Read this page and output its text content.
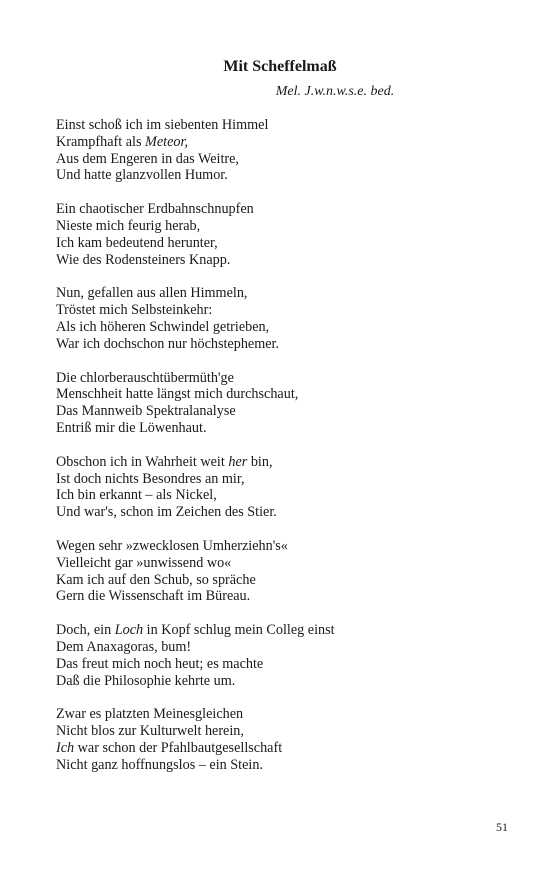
Mit Scheffelmaß
Mel. J.w.n.w.s.e. bed.
Einst schoß ich im siebenten Himmel
Krampfhaft als Meteor,
Aus dem Engeren in das Weitre,
Und hatte glanzvollen Humor.
Ein chaotischer Erdbahnschnupfen
Nieste mich feurig herab,
Ich kam bedeutend herunter,
Wie des Rodensteiners Knapp.
Nun, gefallen aus allen Himmeln,
Tröstet mich Selbsteinkehr:
Als ich höheren Schwindel getrieben,
War ich dochschon nur höchstephemer.
Die chlorberauschtübermüth'ge
Menschheit hatte längst mich durchschaut,
Das Mannweib Spektralanalyse
Entriß mir die Löwenhaut.
Obschon ich in Wahrheit weit her bin,
Ist doch nichts Besondres an mir,
Ich bin erkannt – als Nickel,
Und war's, schon im Zeichen des Stier.
Wegen sehr »zwecklosen Umherziehn's«
Vielleicht gar »unwissend wo«
Kam ich auf den Schub, so spräche
Gern die Wissenschaft im Büreau.
Doch, ein Loch in Kopf schlug mein Colleg einst
Dem Anaxagoras, bum!
Das freut mich noch heut; es machte
Daß die Philosophie kehrte um.
Zwar es platzten Meinesgleichen
Nicht blos zur Kulturwelt herein,
Ich war schon der Pfahlbautgesellschaft
Nicht ganz hoffnungslos – ein Stein.
51
